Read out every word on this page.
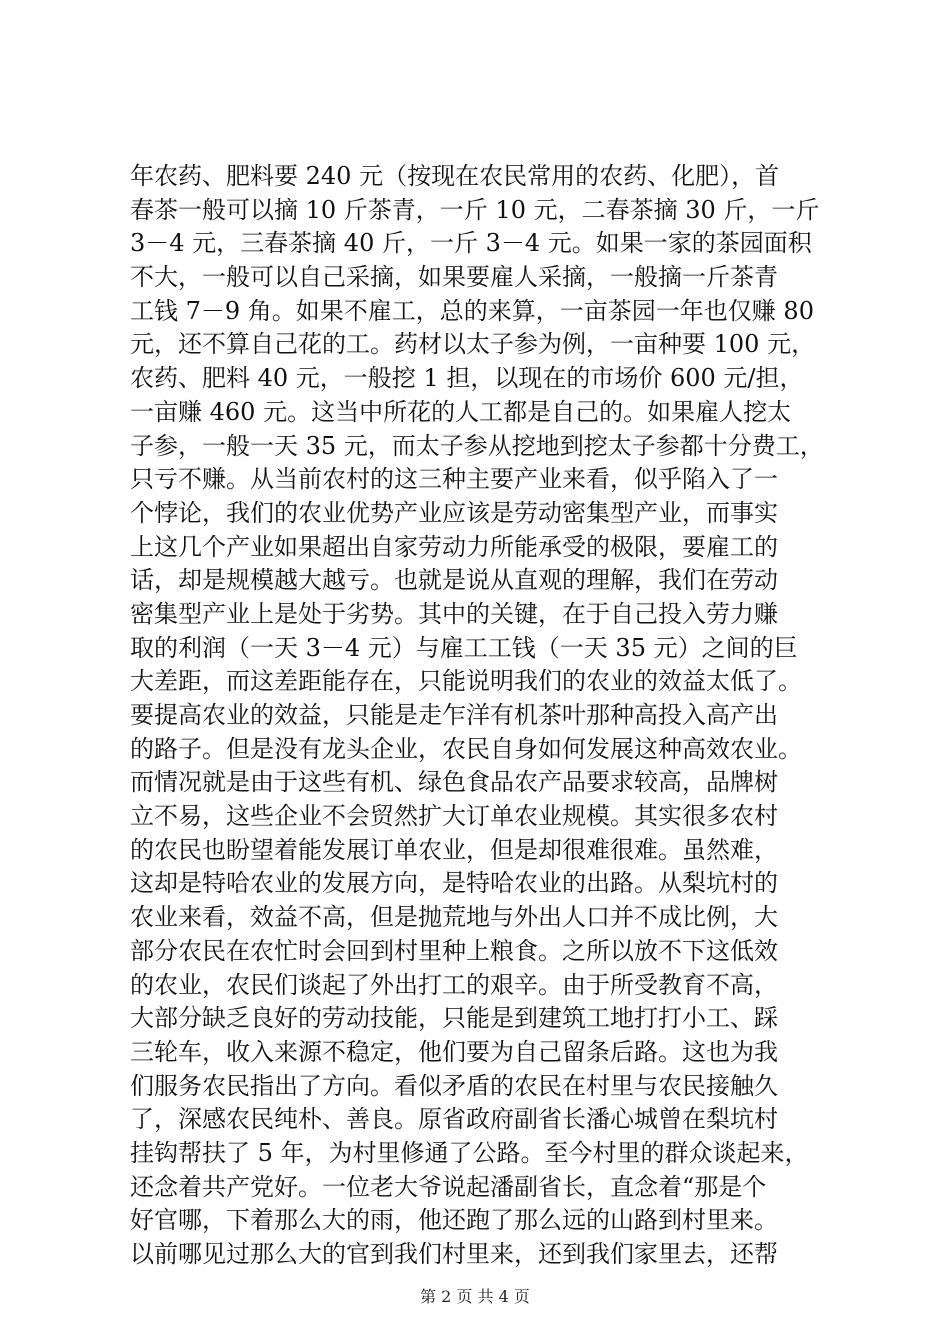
年农药、肥料要 240 元（按现在农民常用的农药、化肥），首
春茶一般可以摘 10 斤茶青，一斤 10 元，二春茶摘 30 斤，一斤
3－4 元，三春茶摘 40 斤，一斤 3－4 元。如果一家的茶园面积
不大，一般可以自己采摘，如果要雇人采摘，一般摘一斤茶青
工钱 7－9 角。如果不雇工，总的来算，一亩茶园一年也仅赚 80
元，还不算自己花的工。药材以太子参为例，一亩种要 100 元，
农药、肥料 40 元，一般挖 1 担，以现在的市场价 600 元/担，
一亩赚 460 元。这当中所花的人工都是自己的。如果雇人挖太
子参，一般一天 35 元，而太子参从挖地到挖太子参都十分费工，
只亏不赚。从当前农村的这三种主要产业来看，似乎陷入了一
个悖论，我们的农业优势产业应该是劳动密集型产业，而事实
上这几个产业如果超出自家劳动力所能承受的极限，要雇工的
话，却是规模越大越亏。也就是说从直观的理解，我们在劳动
密集型产业上是处于劣势。其中的关键，在于自己投入劳力赚
取的利润（一天 3－4 元）与雇工工钱（一天 35 元）之间的巨
大差距，而这差距能存在，只能说明我们的农业的效益太低了。
要提高农业的效益，只能是走乍洋有机茶叶那种高投入高产出
的路子。但是没有龙头企业，农民自身如何发展这种高效农业。
而情况就是由于这些有机、绿色食品农产品要求较高，品牌树
立不易，这些企业不会贸然扩大订单农业规模。其实很多农村
的农民也盼望着能发展订单农业，但是却很难很难。虽然难，
这却是特哈农业的发展方向，是特哈农业的出路。从梨坑村的
农业来看，效益不高，但是抛荒地与外出人口并不成比例，大
部分农民在农忙时会回到村里种上粮食。之所以放不下这低效
的农业，农民们谈起了外出打工的艰辛。由于所受教育不高，
大部分缺乏良好的劳动技能，只能是到建筑工地打打小工、踩
三轮车，收入来源不稳定，他们要为自己留条后路。这也为我
们服务农民指出了方向。看似矛盾的农民在村里与农民接触久
了，深感农民纯朴、善良。原省政府副省长潘心城曾在梨坑村
挂钩帮扶了 5 年，为村里修通了公路。至今村里的群众谈起来，
还念着共产党好。一位老大爷说起潘副省长，直念着“那是个
好官哪，下着那么大的雨，他还跑了那么远的山路到村里来。
以前哪见过那么大的官到我们村里来，还到我们家里去，还帮
第 2 页 共 4 页
